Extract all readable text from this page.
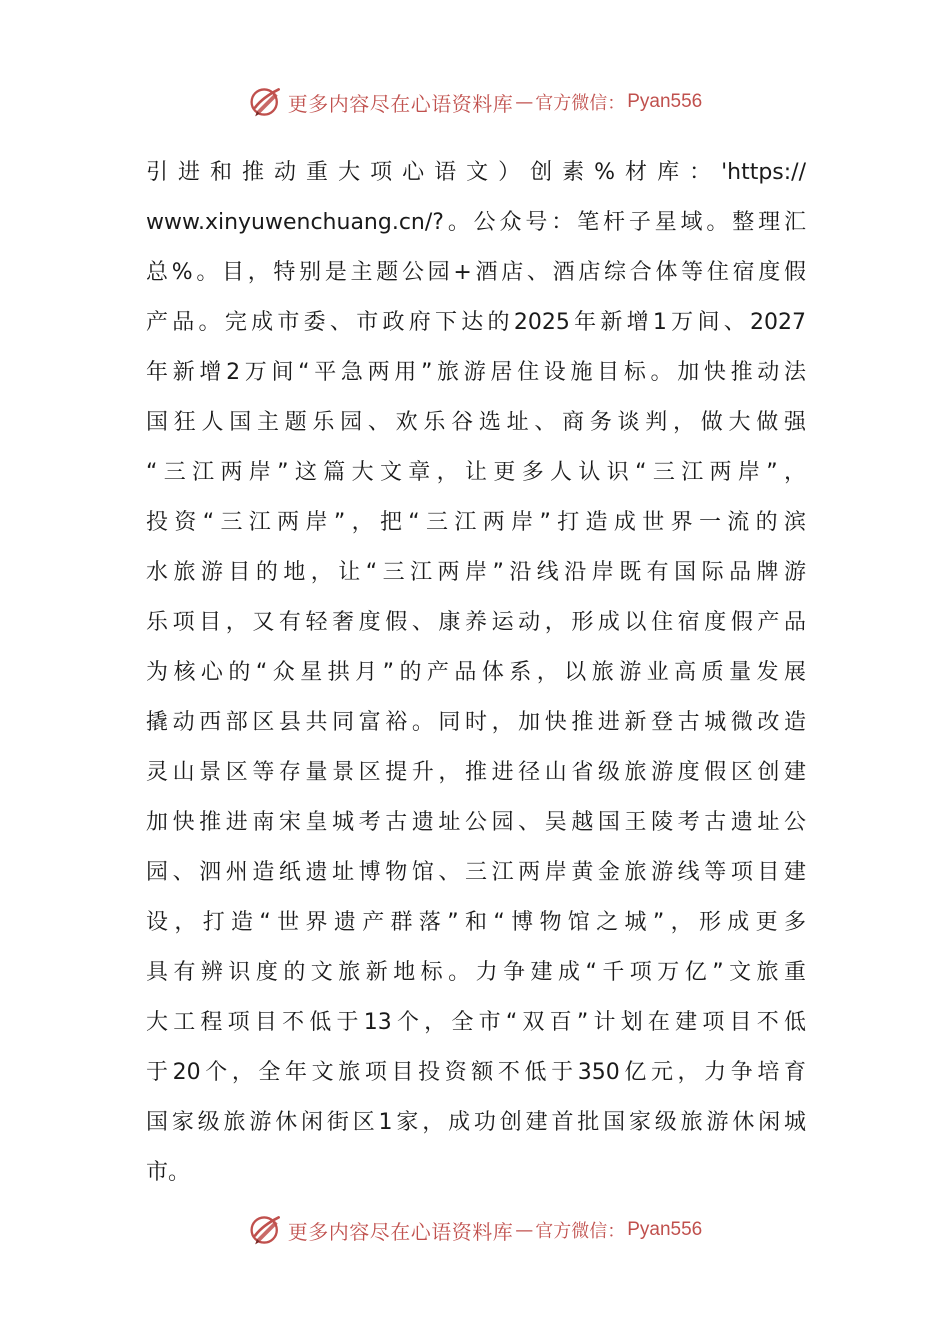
更多内容尽在心语资料库 — 官方微信： Pyan556
引进和推动重大项心语文）创素%材库：'https://
www.xinyuwenchuang.cn/?。公众号：笔杆子星域。整理汇
总%。目，特别是主题公园+酒店、酒店综合体等住宿度假
产品。完成市委、市政府下达的2025年新增1万间、2027
年新增2万间“平急两用”旅游居住设施目标。加快推动法
国狂人国主题乐园、欢乐谷选址、商务谈判，做大做强
“三江两岸”这篇大文章，让更多人认识“三江两岸”，
投资“三江两岸”，把“三江两岸”打造成世界一流的滨
水旅游目的地，让“三江两岸”沿线沿岸既有国际品牌游
乐项目，又有轻奢度假、康养运动，形成以住宿度假产品
为核心的“众星拱月”的产品体系，以旅游业高质量发展
撬动西部区县共同富裕。同时，加快推进新登古城微改造
灵山景区等存量景区提升，推进径山省级旅游度假区创建
加快推进南宋皇城考古遗址公园、吴越国王陵考古遗址公
园、泗州造纸遗址博物馆、三江两岸黄金旅游线等项目建
设，打造“世界遗产群落”和“博物馆之城”，形成更多
具有辨识度的文旅新地标。力争建成“千项万亿”文旅重
大工程项目不低于13个，全市“双百”计划在建项目不低
于20个，全年文旅项目投资额不低于350亿元，力争培育
国家级旅游休闲街区1家，成功创建首批国家级旅游休闲城
市。
更多内容尽在心语资料库 — 官方微信： Pyan556
